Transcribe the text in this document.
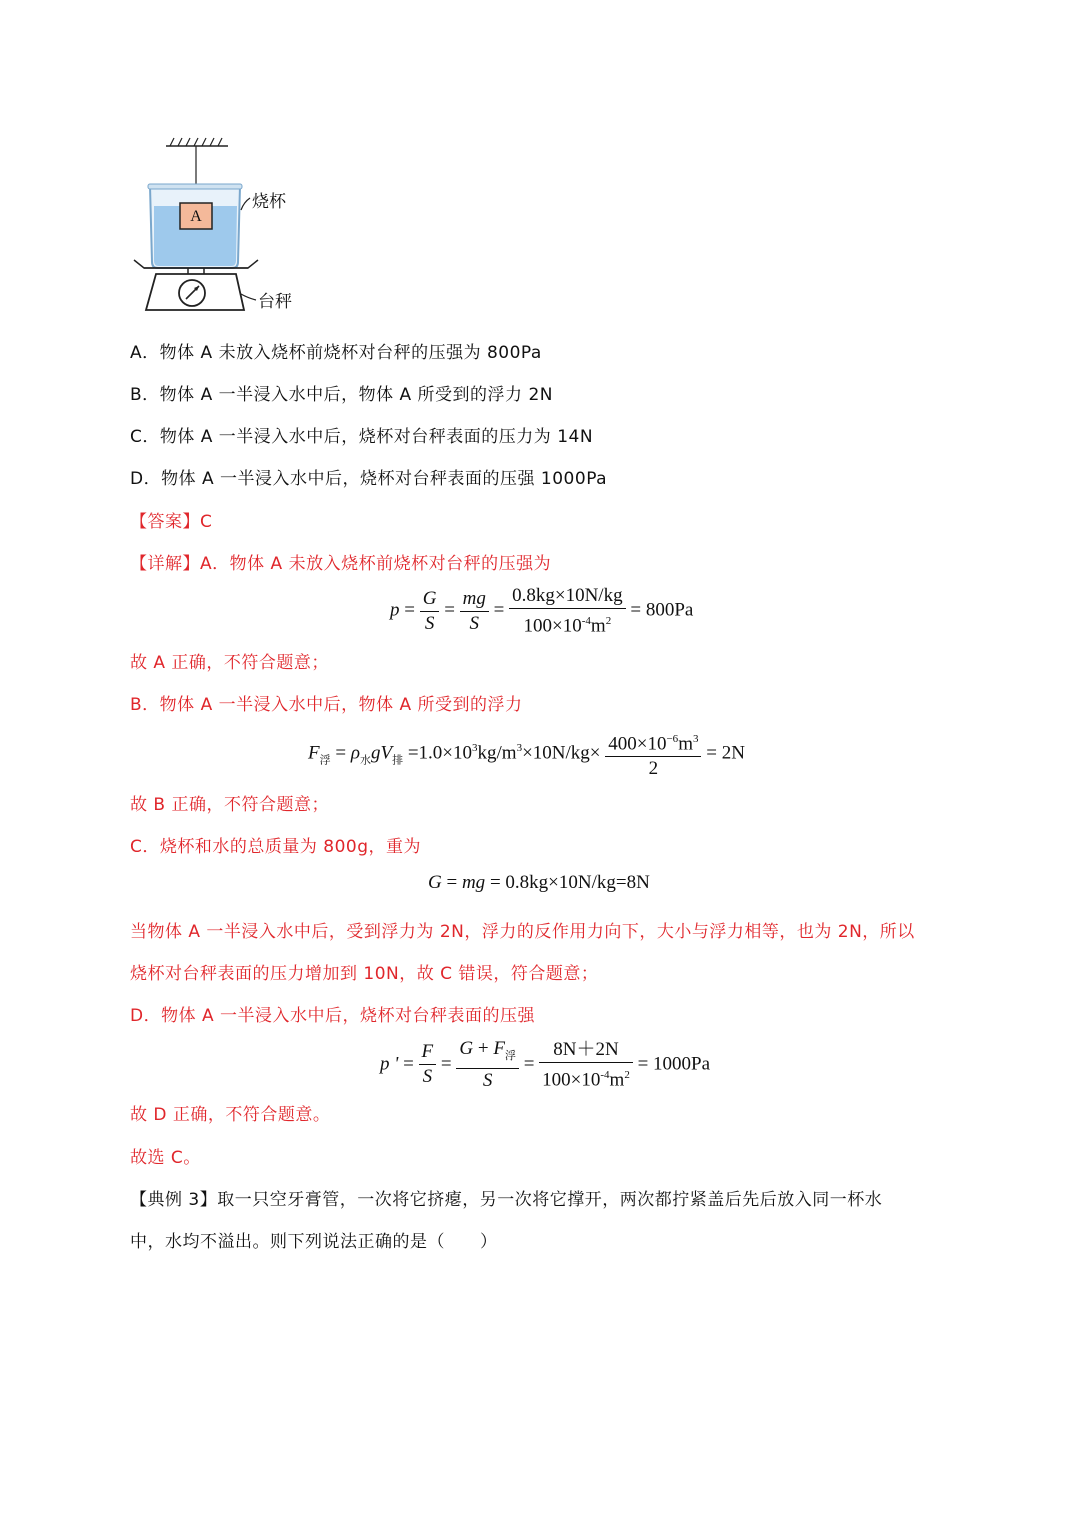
A
烧杯
台秤
A．物体 A 未放入烧杯前烧杯对台秤的压强为 800Pa
B．物体 A 一半浸入水中后，物体 A 所受到的浮力 2N
C．物体 A 一半浸入水中后，烧杯对台秤表面的压力为 14N
D．物体 A 一半浸入水中后，烧杯对台秤表面的压强 1000Pa
【答案】C
【详解】A．物体 A 未放入烧杯前烧杯对台秤的压强为
$p = \frac{G}{S} = \frac{mg}{S} = \frac{0.8kg\times 10N/kg}{100\times 10^{-4}m^2} = 800Pa$
故 A 正确，不符合题意；
B．物体 A 一半浸入水中后，物体 A 所受到的浮力
$F_浮 = \rho_水gV_排 =1.0\times 10^3kg/m^3\times 10N/kg\times \frac{400\times 10^{-6}m^3}{2} = 2N$
故 B 正确，不符合题意；
C．烧杯和水的总质量为 800g，重为
G = mg = 0.8kg×10N/kg=8N
当物体 A 一半浸入水中后，受到浮力为 2N，浮力的反作用力向下，大小与浮力相等，也为 2N，所以
烧杯对台秤表面的压力增加到 10N，故 C 错误，符合题意；
D．物体 A 一半浸入水中后，烧杯对台秤表面的压强
p ' = $\frac{F}{S} = \frac{G + F_浮}{S} = \frac{8N+2N}{100\times 10^{-4}m^2} = 1000Pa$
故 D 正确，不符合题意。
故选 C。
【典例 3】取一只空牙膏管，一次将它挤瘪，另一次将它撑开，两次都拧紧盖后先后放入同一杯水
中，水均不溢出。则下列说法正确的是（　　）
